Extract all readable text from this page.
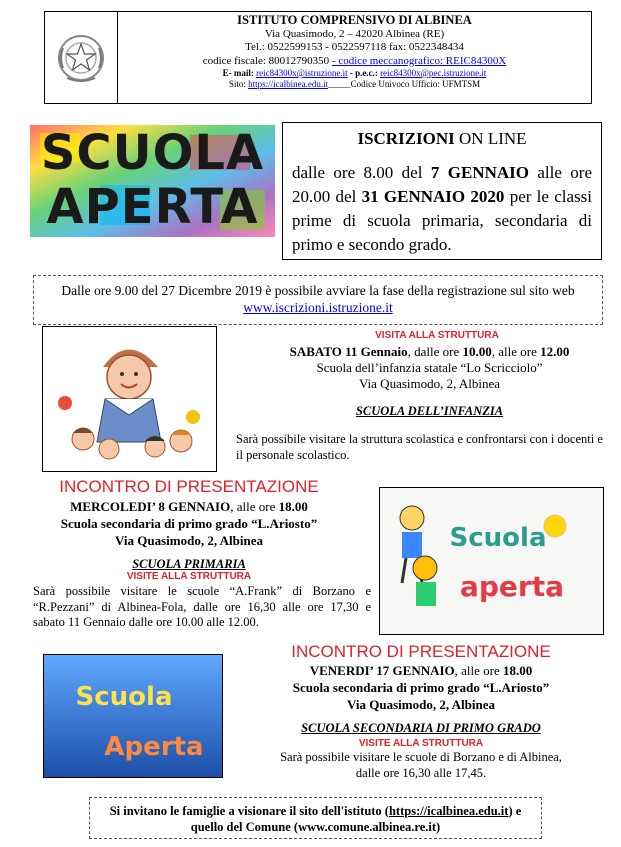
ISTITUTO COMPRENSIVO DI ALBINEA
Via Quasimodo, 2 – 42020 Albinea (RE)
Tel.: 0522599153 - 0522597118 fax: 0522348434
codice fiscale: 80012790350 - codice meccanografico: REIC84300X
E- mail: reic84300x@istruzione.it - p.e.c.: reic84300x@pec.istruzione.it
Sito: https://icalbinea.edu.it_____Codice Univoco Ufficio: UFMTSM
SCUOLA
APERTA
ISCRIZIONI ON LINE
dalle ore 8.00 del 7 GENNAIO alle ore 20.00 del 31 GENNAIO 2020 per le classi prime di scuola primaria, secondaria di primo e secondo grado.
Dalle ore 9.00 del 27 Dicembre 2019 è possibile avviare la fase della registrazione sul sito web www.iscrizioni.istruzione.it
VISITA ALLA STRUTTURA
SABATO 11 Gennaio, dalle ore 10.00, alle ore 12.00
Scuola dell’infanzia statale “Lo Scricciolo”
Via Quasimodo, 2, Albinea
SCUOLA DELL’INFANZIA
Sarà possibile visitare la struttura scolastica e confrontarsi con i docenti e il personale scolastico.
INCONTRO DI PRESENTAZIONE
MERCOLEDI’ 8 GENNAIO, alle ore 18.00
Scuola secondaria di primo grado “L.Ariosto”
Via Quasimodo, 2, Albinea
SCUOLA PRIMARIA
VISITE ALLA STRUTTURA
Sarà possibile visitare le scuole “A.Frank” di Borzano e “R.Pezzani” di Albinea-Fola, dalle ore 16,30 alle ore 17,30 e sabato 11 Gennaio dalle ore 10.00 alle 12.00.
Scuola
aperta
Scuola
Aperta
INCONTRO DI PRESENTAZIONE
VENERDI’ 17 GENNAIO, alle ore 18.00
Scuola secondaria di primo grado “L.Ariosto”
Via Quasimodo, 2, Albinea
SCUOLA SECONDARIA DI PRIMO GRADO
VISITE ALLA STRUTTURA
Sarà possibile visitare le scuole di Borzano e di Albinea,
dalle ore 16,30 alle 17,45.
Si invitano le famiglie a visionare il sito dell'istituto (https://icalbinea.edu.it) e quello del Comune (www.comune.albinea.re.it)
